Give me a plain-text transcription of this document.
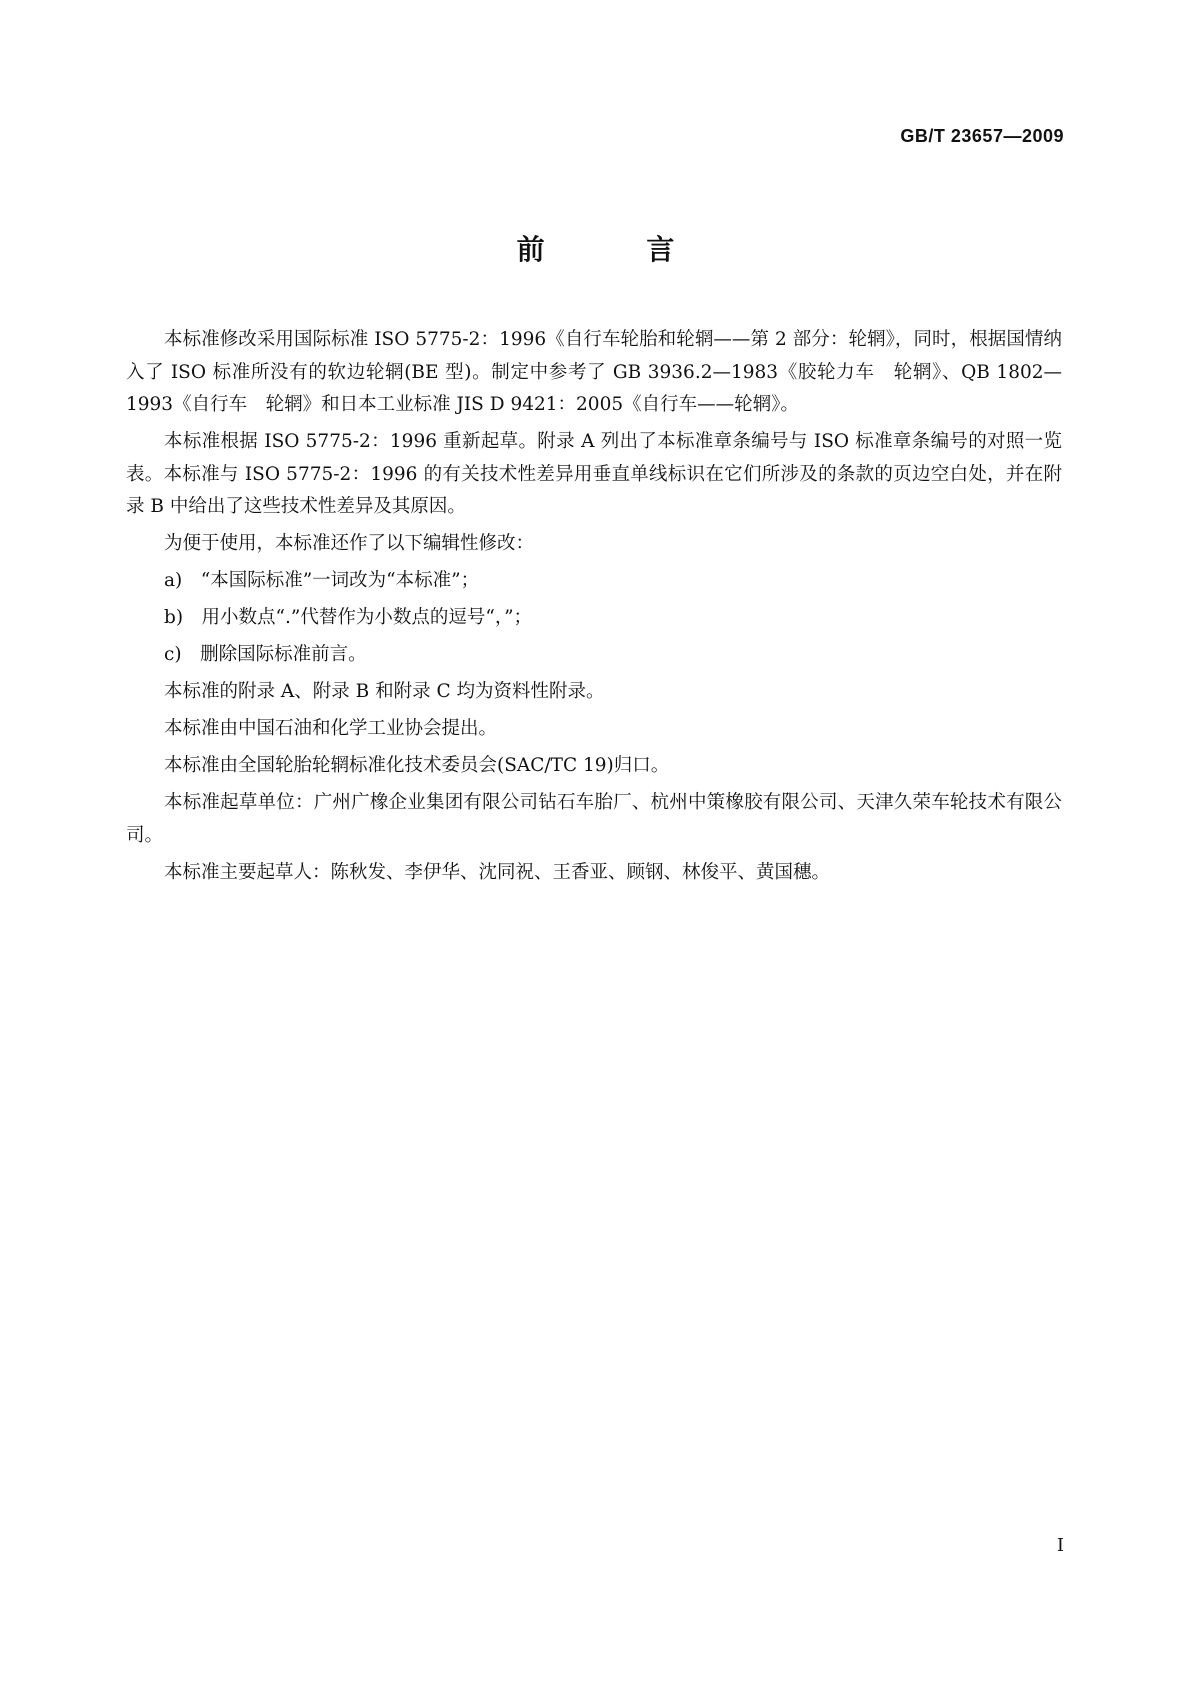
GB/T 23657—2009
前 言

本标准修改采用国际标准 ISO 5775-2：1996《自行车轮胎和轮辋——第 2 部分：轮辋》，同时，根据国情纳入了 ISO 标准所没有的软边轮辋(BE 型)。制定中参考了 GB 3936.2—1983《胶轮力车　轮辋》、QB 1802—1993《自行车　轮辋》和日本工业标准 JIS D 9421：2005《自行车——轮辋》。

本标准根据 ISO 5775-2：1996 重新起草。附录 A 列出了本标准章条编号与 ISO 标准章条编号的对照一览表。本标准与 ISO 5775-2：1996 的有关技术性差异用垂直单线标识在它们所涉及的条款的页边空白处，并在附录 B 中给出了这些技术性差异及其原因。

为便于使用，本标准还作了以下编辑性修改：

a)　“本国际标准”一词改为“本标准”；

b)　用小数点“.”代替作为小数点的逗号“，”；

c)　删除国际标准前言。

本标准的附录 A、附录 B 和附录 C 均为资料性附录。

本标准由中国石油和化学工业协会提出。

本标准由全国轮胎轮辋标准化技术委员会(SAC/TC 19)归口。

本标准起草单位：广州广橡企业集团有限公司钻石车胎厂、杭州中策橡胶有限公司、天津久荣车轮技术有限公司。

本标准主要起草人：陈秋发、李伊华、沈同祝、王香亚、顾钢、林俊平、黄国穗。

I
